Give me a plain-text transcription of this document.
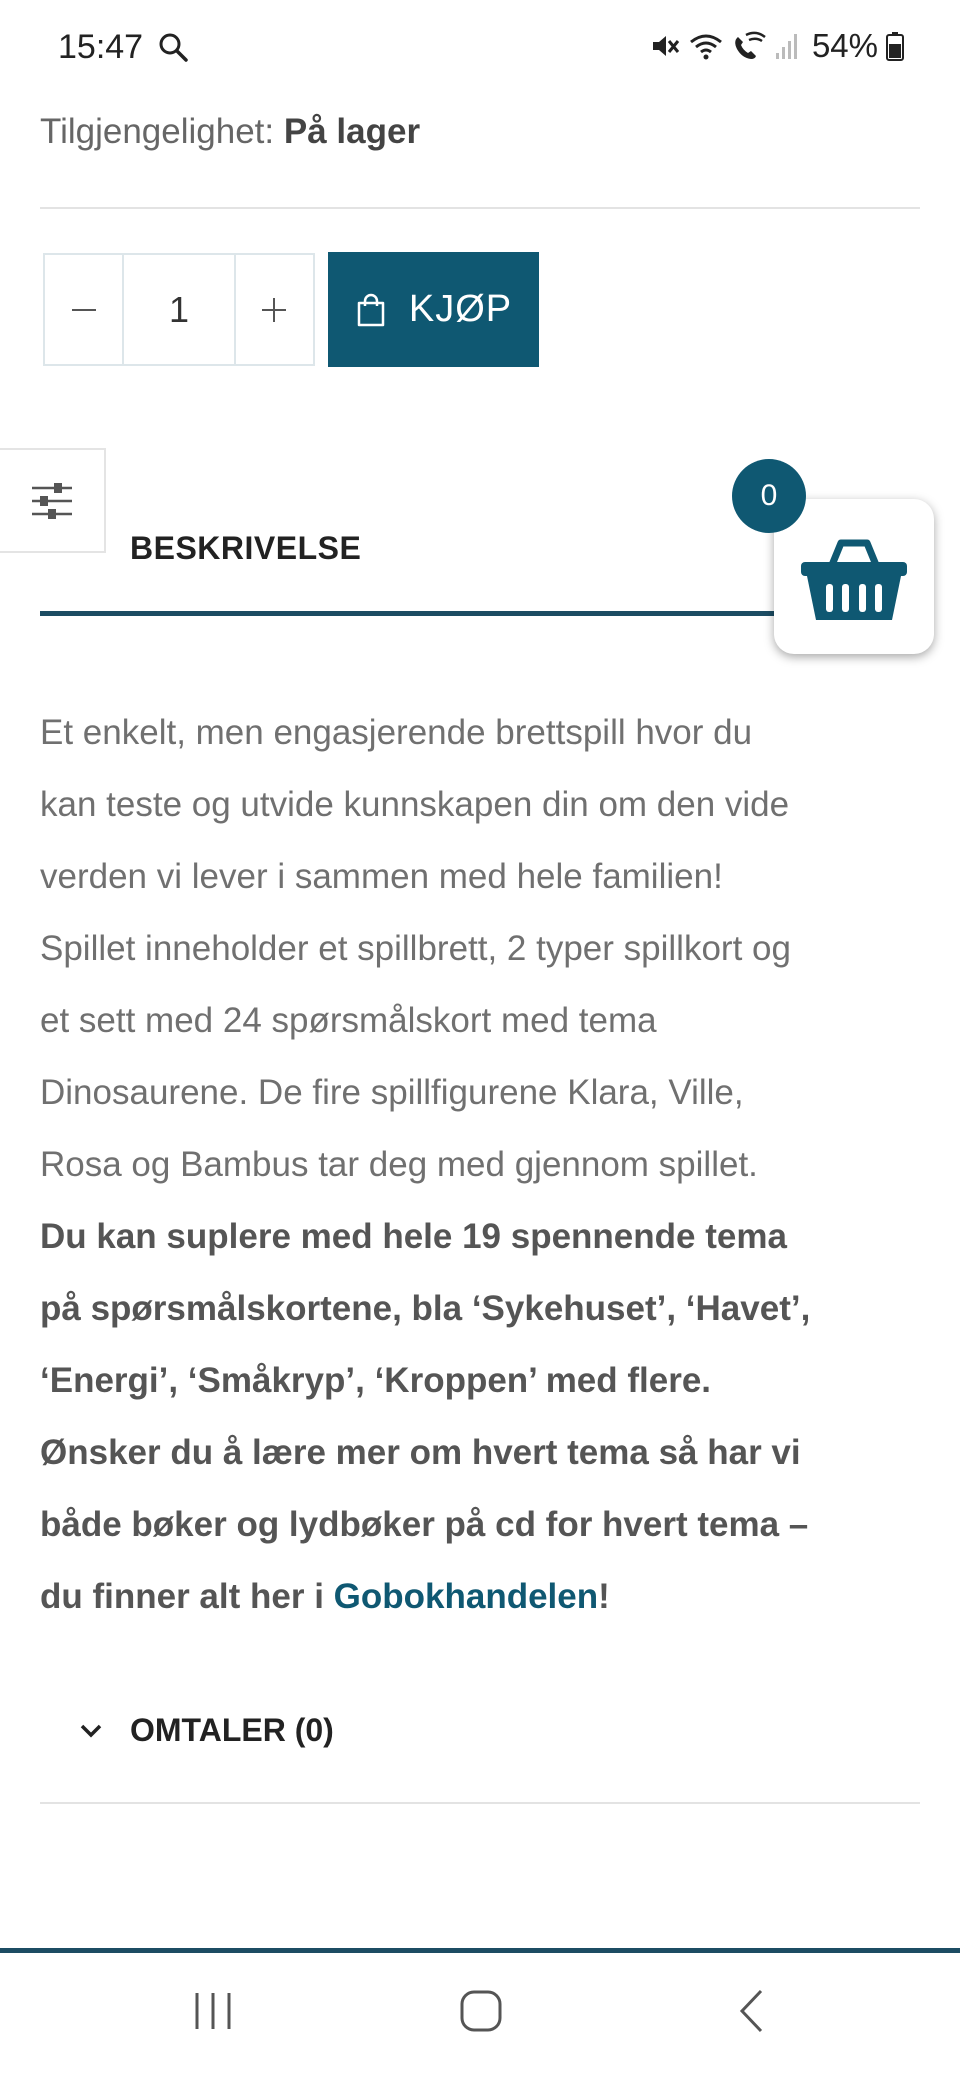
15:47	54%
Tilgjengelighet: På lager
1	KJØP
BESKRIVELSE
0
Et enkelt, men engasjerende brettspill hvor du
kan teste og utvide kunnskapen din om den vide
verden vi lever i sammen med hele familien!
Spillet inneholder et spillbrett, 2 typer spillkort og
et sett med 24 spørsmålskort med tema
Dinosaurene. De fire spillfigurene Klara, Ville,
Rosa og Bambus tar deg med gjennom spillet.
Du kan suplere med hele 19 spennende tema
på spørsmålskortene, bla ‘Sykehuset’, ‘Havet’,
‘Energi’, ‘Småkryp’, ‘Kroppen’ med flere.
Ønsker du å lære mer om hvert tema så har vi
både bøker og lydbøker på cd for hvert tema –
du finner alt her i Gobokhandelen!
OMTALER (0)
